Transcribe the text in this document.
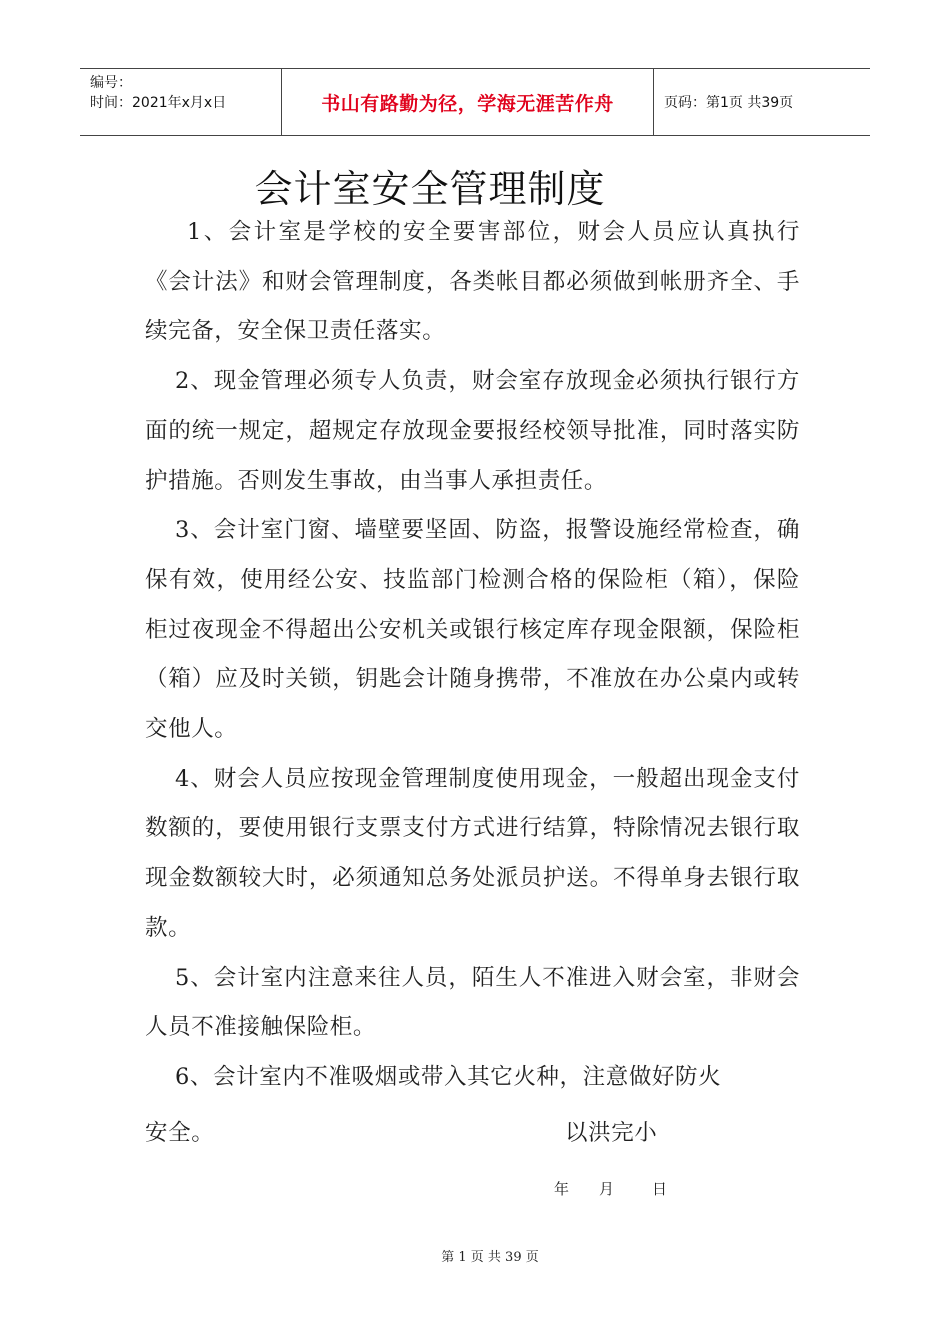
编号：
时间：2021年x月x日	书山有路勤为径，学海无涯苦作舟	页码：第1页 共39页
会计室安全管理制度

1、会计室是学校的安全要害部位，财会人员应认真执行《会计法》和财会管理制度，各类帐目都必须做到帐册齐全、手续完备，安全保卫责任落实。

2、现金管理必须专人负责，财会室存放现金必须执行银行方面的统一规定，超规定存放现金要报经校领导批准，同时落实防护措施。否则发生事故，由当事人承担责任。

3、会计室门窗、墙壁要坚固、防盗，报警设施经常检查，确保有效，使用经公安、技监部门检测合格的保险柜（箱），保险柜过夜现金不得超出公安机关或银行核定库存现金限额，保险柜（箱）应及时关锁，钥匙会计随身携带，不准放在办公桌内或转交他人。

4、财会人员应按现金管理制度使用现金，一般超出现金支付数额的，要使用银行支票支付方式进行结算，特除情况去银行取现金数额较大时，必须通知总务处派员护送。不得单身去银行取款。

5、会计室内注意来往人员，陌生人不准进入财会室，非财会人员不准接触保险柜。

6、会计室内不准吸烟或带入其它火种，注意做好防火

安全。	以洪完小
年 月	日
第 1 页 共 39 页
